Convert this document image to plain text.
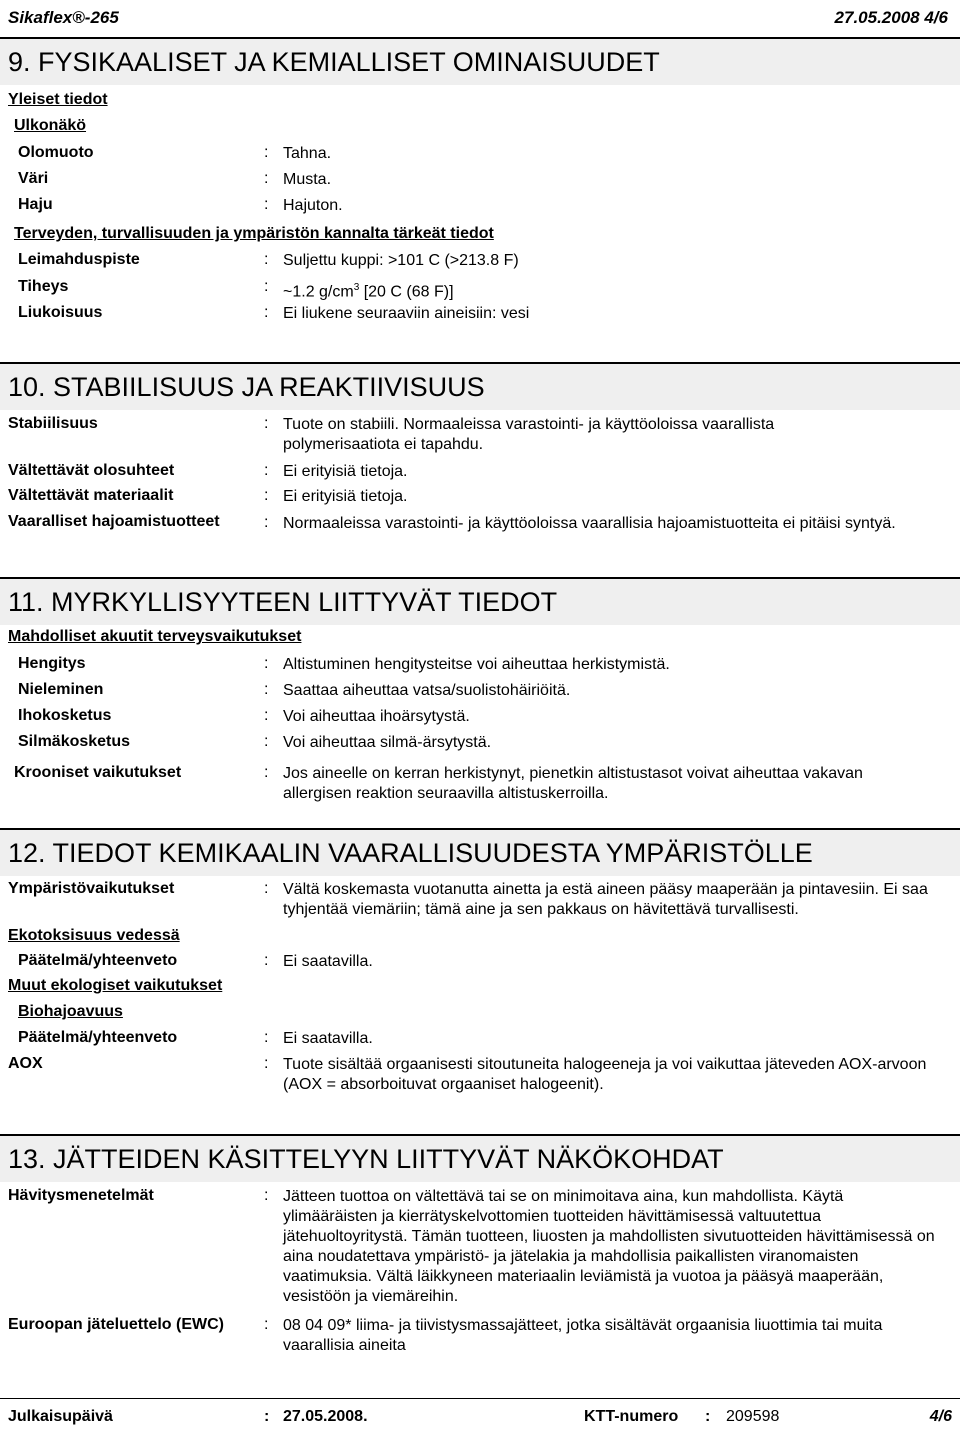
Sikaflex®-265	27.05.2008 4/6
9. FYSIKAALISET JA KEMIALLISET OMINAISUUDET
Yleiset tiedot
Ulkonäkö
Olomuoto	: Tahna.
Väri	: Musta.
Haju	: Hajuton.
Terveyden, turvallisuuden ja ympäristön kannalta tärkeät tiedot
Leimahduspiste	: Suljettu kuppi: >101 C (>213.8 F)
Tiheys	: ~1.2 $g/cm^3$ [20 C (68 F)]
Liukoisuus	: Ei liukene seuraaviin aineisiin: vesi
10. STABIILISUUS JA REAKTIIVISUUS
Stabiilisuus	: Tuote on stabiili. Normaaleissa varastointi- ja käyttöoloissa vaarallista polymerisaatiota ei tapahdu.
Vältettävät olosuhteet	: Ei erityisiä tietoja.
Vältettävät materiaalit	: Ei erityisiä tietoja.
Vaaralliset hajoamistuotteet	: Normaaleissa varastointi- ja käyttöoloissa vaarallisia hajoamistuotteita ei pitäisi syntyä.
11. MYRKYLLISYYTEEN LIITTYVÄT TIEDOT
Mahdolliset akuutit terveysvaikutukset
Hengitys	: Altistuminen hengitysteitse voi aiheuttaa herkistymistä.
Nieleminen	: Saattaa aiheuttaa vatsa/suolistohäiriöitä.
Ihokosketus	: Voi aiheuttaa ihoärsytystä.
Silmäkosketus	: Voi aiheuttaa silmä-ärsytystä.
Krooniset vaikutukset	: Jos aineelle on kerran herkistynyt, pienetkin altistustasot voivat aiheuttaa vakavan allergisen reaktion seuraavilla altistuskerroilla.
12. TIEDOT KEMIKAALIN VAARALLISUUDESTA YMPÄRISTÖLLE
Ympäristövaikutukset	: Vältä koskemasta vuotanutta ainetta ja estä aineen pääsy maaperään ja pintavesiin. Ei saa tyhjentää viemäriin; tämä aine ja sen pakkaus on hävitettävä turvallisesti.
Ekotoksisuus vedessä
Päätelmä/yhteenveto	: Ei saatavilla.
Muut ekologiset vaikutukset
Biohajoavuus
Päätelmä/yhteenveto	: Ei saatavilla.
AOX	: Tuote sisältää orgaanisesti sitoutuneita halogeeneja ja voi vaikuttaa jäteveden AOX-arvoon (AOX = absorboituvat orgaaniset halogeenit).
13. JÄTTEIDEN KÄSITTELYYN LIITTYVÄT NÄKÖKOHDAT
Hävitysmenetelmät	: Jätteen tuottoa on vältettävä tai se on minimoitava aina, kun mahdollista. Käytä ylimääräisten ja kierrätyskelvottomien tuotteiden hävittämisessä valtuutettua jätehuoltoyritystä. Tämän tuotteen, liuosten ja mahdollisten sivutuotteiden hävittämisessä on aina noudatettava ympäristö- ja jätelakia ja mahdollisia paikallisten viranomaisten vaatimuksia. Vältä läikkyneen materiaalin leviämistä ja vuotoa ja pääsyä maaperään, vesistöön ja viemäreihin.
Euroopan jäteluettelo (EWC)	: 08 04 09* liima- ja tiivistysmassajätteet, jotka sisältävät orgaanisia liuottimia tai muita vaarallisia aineita
Julkaisupäivä	: 27.05.2008.	KTT-numero : 209598	4/6
